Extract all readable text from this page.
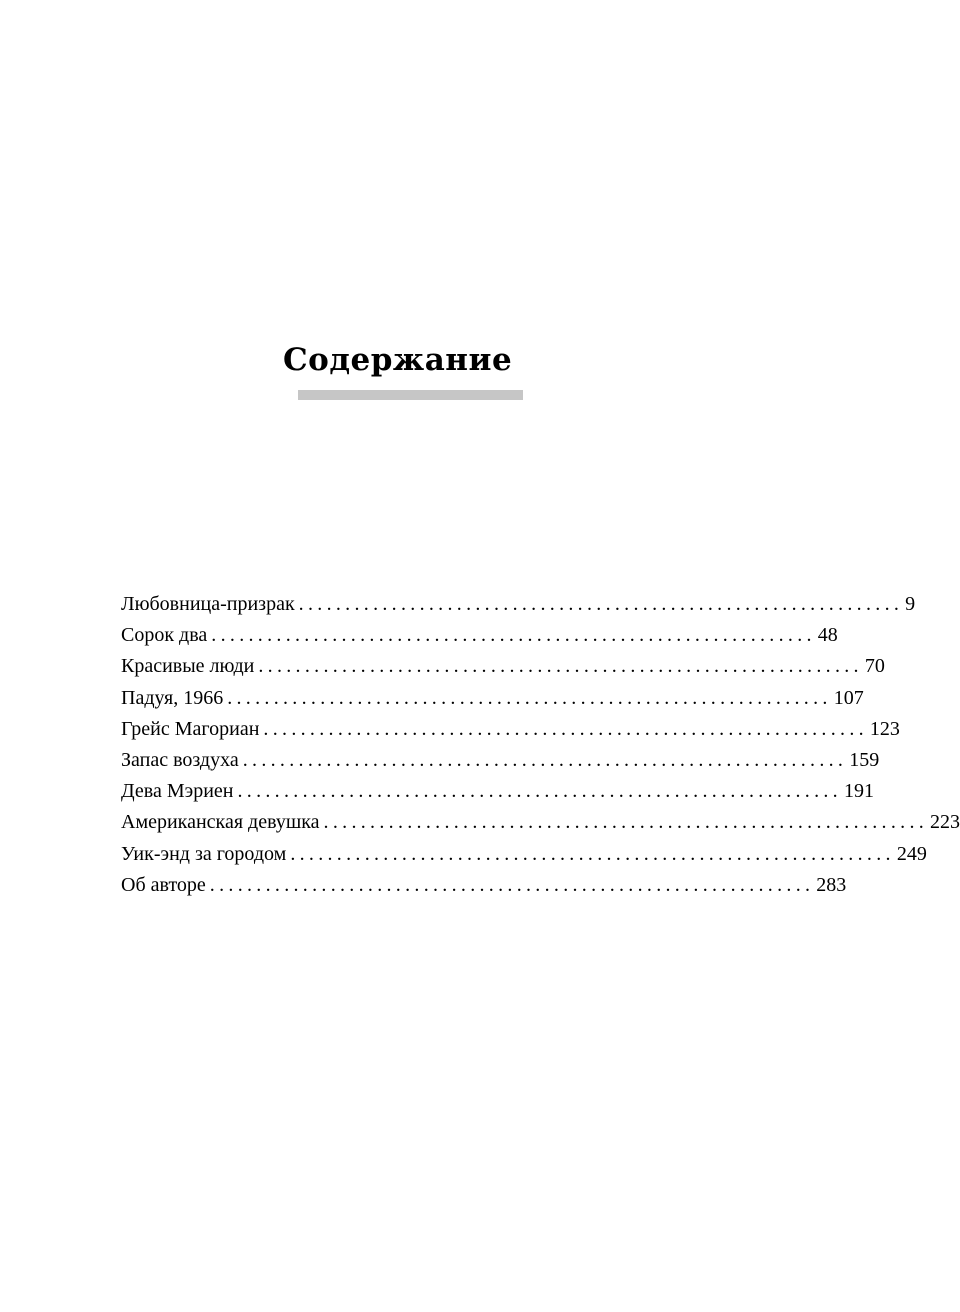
Содержание
Любовница-призрак ................................................................. 9
Сорок два ................................................................. 48
Красивые люди ................................................................. 70
Падуя, 1966 ................................................................. 107
Грейс Магориан ................................................................. 123
Запас воздуха ................................................................. 159
Дева Мэриен ................................................................. 191
Американская девушка ................................................................. 223
Уик-энд за городом ................................................................. 249
Об авторе ................................................................. 283
